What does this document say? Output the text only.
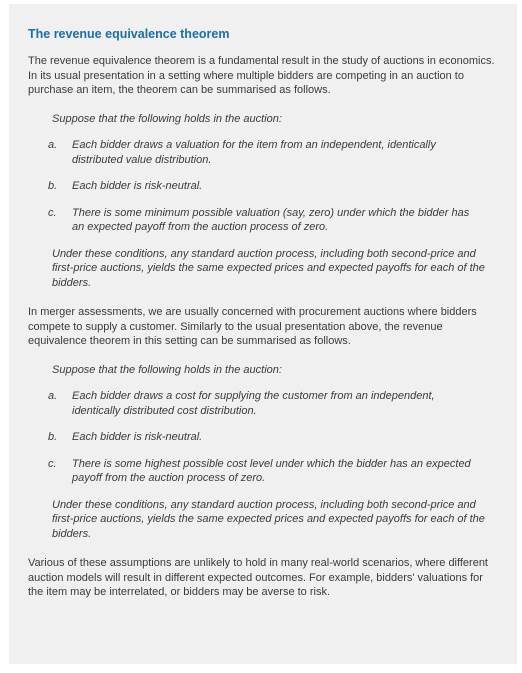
The revenue equivalence theorem

The revenue equivalence theorem is a fundamental result in the study of auctions in economics. In its usual presentation in a setting where multiple bidders are competing in an auction to purchase an item, the theorem can be summarised as follows.

Suppose that the following holds in the auction:

a.	Each bidder draws a valuation for the item from an independent, identically distributed value distribution.
b.	Each bidder is risk-neutral.
c.	There is some minimum possible valuation (say, zero) under which the bidder has an expected payoff from the auction process of zero.

Under these conditions, any standard auction process, including both second-price and first-price auctions, yields the same expected prices and expected payoffs for each of the bidders.

In merger assessments, we are usually concerned with procurement auctions where bidders compete to supply a customer. Similarly to the usual presentation above, the revenue equivalence theorem in this setting can be summarised as follows.

Suppose that the following holds in the auction:

a.	Each bidder draws a cost for supplying the customer from an independent, identically distributed cost distribution.
b.	Each bidder is risk-neutral.
c.	There is some highest possible cost level under which the bidder has an expected payoff from the auction process of zero.

Under these conditions, any standard auction process, including both second-price and first-price auctions, yields the same expected prices and expected payoffs for each of the bidders.

Various of these assumptions are unlikely to hold in many real-world scenarios, where different auction models will result in different expected outcomes. For example, bidders' valuations for the item may be interrelated, or bidders may be averse to risk.
